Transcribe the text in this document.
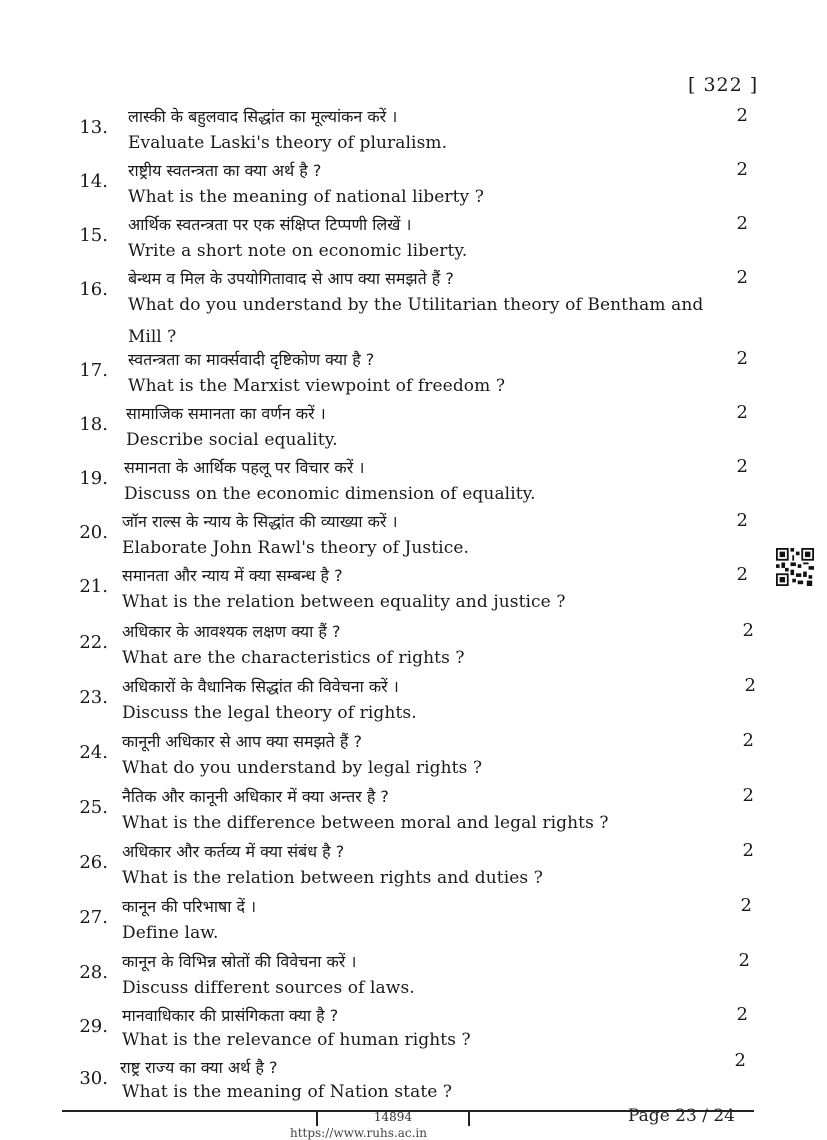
[ 322 ]
13.
लास्की के बहुलवाद सिद्धांत का मूल्यांकन करें ।
Evaluate Laski's theory of pluralism.
2
14.
राष्ट्रीय स्वतन्त्रता का क्या अर्थ है ?
What is the meaning of national liberty ?
2
15.
आर्थिक स्वतन्त्रता पर एक संक्षिप्त टिप्पणी लिखें ।
Write a short note on economic liberty.
2
16.
बेन्थम व मिल के उपयोगितावाद से आप क्या समझते हैं ?
What do you understand by the Utilitarian theory of Bentham and
Mill ?
2
17.
स्वतन्त्रता का मार्क्सवादी दृष्टिकोण क्या है ?
What is the Marxist viewpoint of freedom ?
2
18.
सामाजिक समानता का वर्णन करें ।
Describe social equality.
2
19.
समानता के आर्थिक पहलू पर विचार करें ।
Discuss on the economic dimension of equality.
2
20.
जॉन राल्स के न्याय के सिद्धांत की व्याख्या करें ।
Elaborate John Rawl's theory of Justice.
2
21.
समानता और न्याय में क्या सम्बन्ध है ?
What is the relation between equality and justice ?
2
22.
अधिकार के आवश्यक लक्षण क्या हैं ?
What are the characteristics of rights ?
2
23.
अधिकारों के वैधानिक सिद्धांत की विवेचना करें ।
Discuss the legal theory of rights.
2
24.
कानूनी अधिकार से आप क्या समझते हैं ?
What do you understand by legal rights ?
2
25.
नैतिक और कानूनी अधिकार में क्या अन्तर है ?
What is the difference between moral and legal rights ?
2
26.
अधिकार और कर्तव्य में क्या संबंध है ?
What is the relation between rights and duties ?
2
27.
कानून की परिभाषा दें ।
Define law.
2
28.
कानून के विभिन्न स्रोतों की विवेचना करें ।
Discuss different sources of laws.
2
29.
मानवाधिकार की प्रासंगिकता क्या है ?
What is the relevance of human rights ?
2
30.
राष्ट्र राज्य का क्या अर्थ है ?
What is the meaning of Nation state ?
2
14894	Page 23 / 24
https://www.ruhs.ac.in
